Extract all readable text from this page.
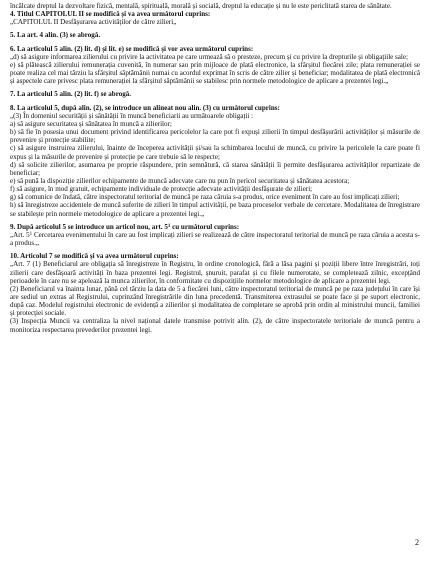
încălcate dreptul la dezvoltare fizică, mentală, spirituală, morală și socială, dreptul la educație și nu le este periclitată starea de sănătate.

4. Titlul CAPITOLUL II se modifică și va avea următorul cuprins:

„CAPITOLUL II Desfășurarea activităților de către zilieri„

5. La art. 4 alin. (3) se abrogă.

6. La articolul 5 alin. (2) lit. d) și lit. e) se modifică și vor avea următorul cuprins:

„d) să asigure informarea zilierului cu privire la activitatea pe care urmează să o presteze, precum și cu privire la drepturile și obligațiile sale;

e) să plătească zilierului remunerația cuvenită, în numerar sau prin mijloace de plată electronice, la sfârșitul fiecărei zile; plata remunerației se poate realiza cel mai târziu la sfârșitul săptămânii numai cu acordul exprimat în scris de către zilier și beneficiar; modalitatea de plată electronică și aspectele care privesc plata remunerației la sfârșitul săptămânii se stabilesc prin normele metodologice de aplicare a prezentei legi.„

7. La articolul 5 alin. (2) lit. f) se abrogă.

8. La articolul 5, după alin. (2), se introduce un alineat nou alin. (3) cu următorul cuprins:

„(3) În domeniul securității și sănătății în muncă beneficiarii au următoarele obligații :

a) să asigure securitatea și sănătatea în muncă a zilierilor;

b) să fie în posesia unui document privind identificarea pericolelor la care pot fi expuși zilierii în timpul desfășurării activităților și măsurile de prevenire și protecție stabilite;

c) să asigure instruirea zilierului, înainte de începerea activității și/sau la schimbarea locului de muncă, cu privire la pericolele la care poate fi expus și la măsurile de prevenire și protecție pe care trebuie să le respecte;

d) să solicite zilierilor, asumarea pe proprie răspundere, prin semnătură, că starea sănătății îi permite desfășurarea activităților repartizate de beneficiar;

e) să pună la dispoziție zilierilor echipamente de muncă adecvate care nu pun în pericol securitatea și sănătatea acestora;

f) să asigure, în mod gratuit, echipamente individuale de protecție adecvate activității desfășurate de zilieri;

g) să comunice de îndată, către inspectoratul teritorial de muncă pe raza căruia s-a produs, orice eveniment în care au fost implicați zilieri;

h) să înregistreze accidentele de muncă suferite de zilieri în timpul activității, pe baza proceselor verbale de cercetare. Modalitatea de înregistrare se stabilește prin normele metodologice de aplicare a prezentei legi.„

9. După articolul 5 se introduce un articol nou, art. $5^1$ cu următorul cuprins:

„Art. $5^1$ Cercetarea evenimentului în care au fost implicați zilieri se realizează de către inspectoratul teritorial de muncă pe raza căruia a acesta s-a produs.„

10. Articolul 7 se modifică și va avea următorul cuprins:

„Art. 7 (1) Beneficiarul are obligația să înregistreze în Registru, în ordine cronologică, fără a lăsa pagini și poziții libere între înregistrări, toți zilierii care desfășoară activități în baza prezentei legi. Registrul, șnuruit, parafat și cu filele numerotate, se completează zilnic, excepțând perioadele în care nu se apelează la munca zilierilor, în conformitate cu dispozițiile normelor metodologice de aplicare a prezentei legi.

(2) Beneficiarul va înainta lunar, până cel târziu la data de 5 a fiecărei luni, către inspectoratul teritorial de muncă pe pe raza județului în care își are sediul un extras al Registrului, cuprinzând înregistrările din luna precedentă. Transmiterea extrasului se poate face și pe suport electronic, după caz. Modelul registrului electronic de evidență a zilierilor și modalitatea de completare se aprobă prin ordin al ministrului muncii, familiei și protecției sociale.

(3) Inspecția Muncii va centraliza la nivel național datele transmise potrivit alin. (2), de către inspectoratele teritoriale de muncă pentru a monitoriza respectarea prevederilor prezentei legi.

2
